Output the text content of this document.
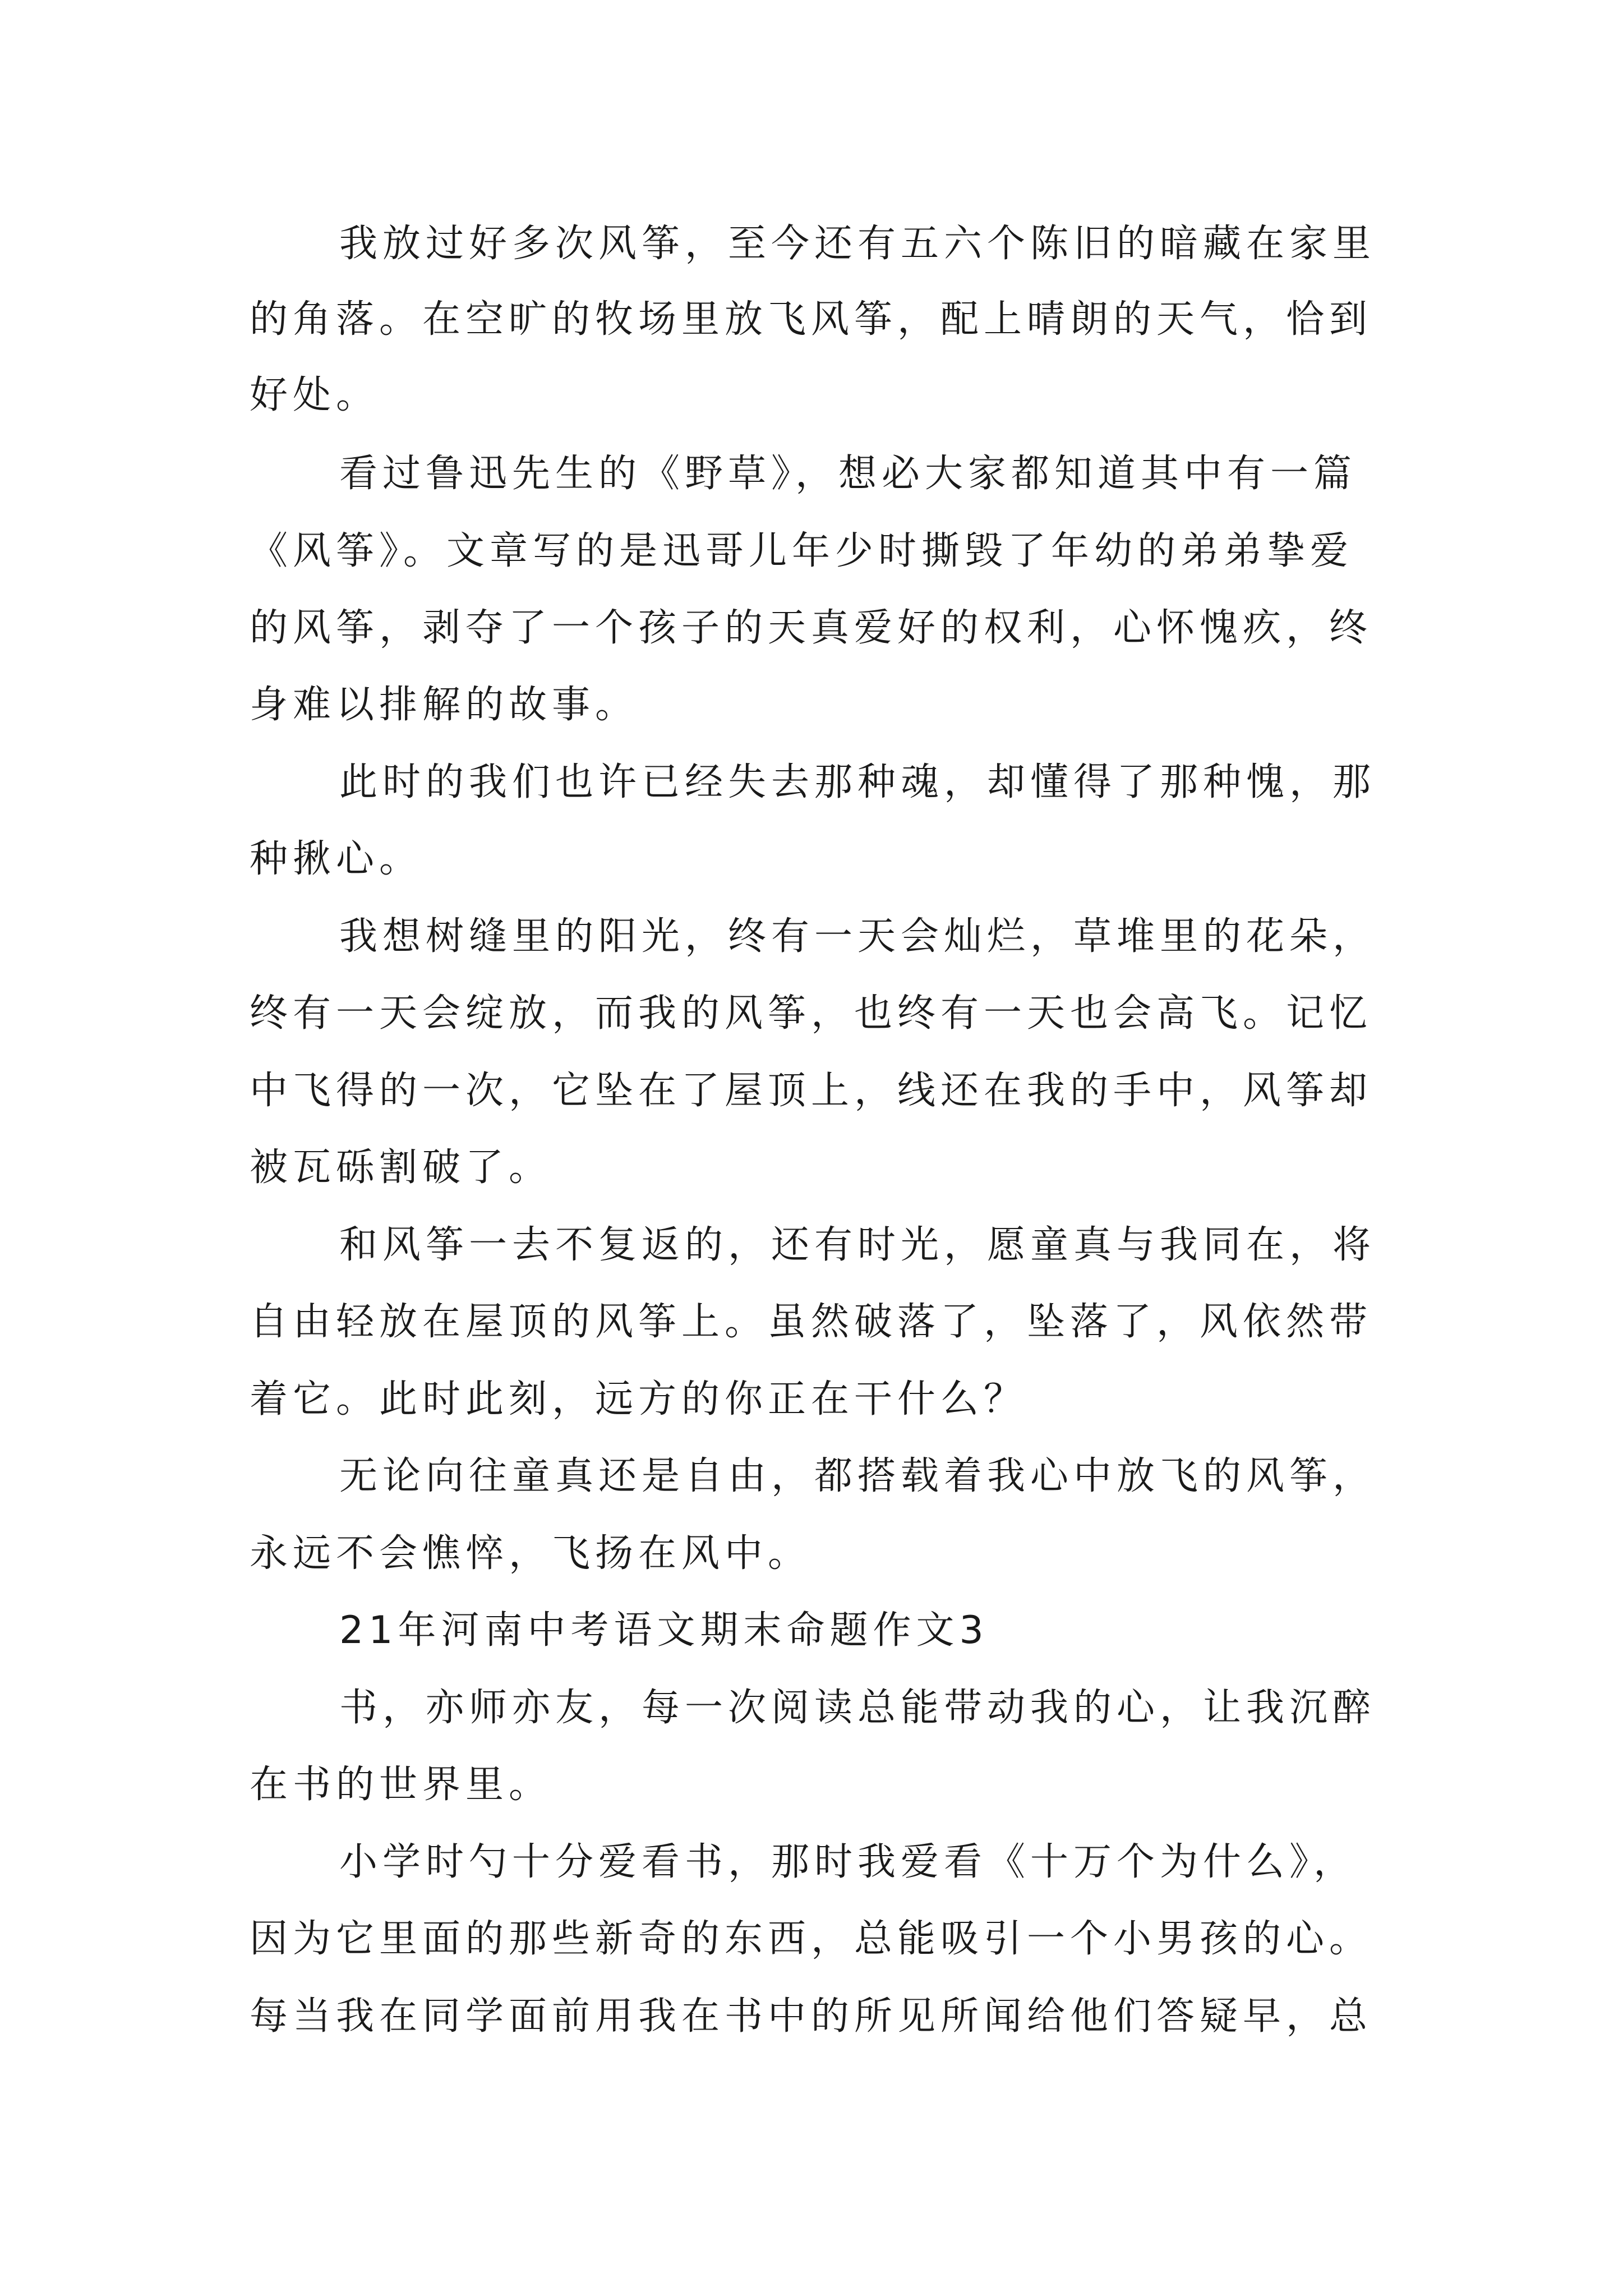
我放过好多次风筝，至今还有五六个陈旧的暗藏在家里
的角落。在空旷的牧场里放飞风筝，配上晴朗的天气，恰到
好处。
看过鲁迅先生的《野草》，想必大家都知道其中有一篇
《风筝》。文章写的是迅哥儿年少时撕毁了年幼的弟弟挚爱
的风筝，剥夺了一个孩子的天真爱好的权利，心怀愧疚，终
身难以排解的故事。
此时的我们也许已经失去那种魂，却懂得了那种愧，那
种揪心。
我想树缝里的阳光，终有一天会灿烂，草堆里的花朵，
终有一天会绽放，而我的风筝，也终有一天也会高飞。记忆
中飞得的一次，它坠在了屋顶上，线还在我的手中，风筝却
被瓦砾割破了。
和风筝一去不复返的，还有时光，愿童真与我同在，将
自由轻放在屋顶的风筝上。虽然破落了，坠落了，风依然带
着它。此时此刻，远方的你正在干什么？
无论向往童真还是自由，都搭载着我心中放飞的风筝，
永远不会憔悴，飞扬在风中。
21年河南中考语文期末命题作文3
书，亦师亦友，每一次阅读总能带动我的心，让我沉醉
在书的世界里。
小学时勺十分爱看书，那时我爱看《十万个为什么》，
因为它里面的那些新奇的东西，总能吸引一个小男孩的心。
每当我在同学面前用我在书中的所见所闻给他们答疑早，总
